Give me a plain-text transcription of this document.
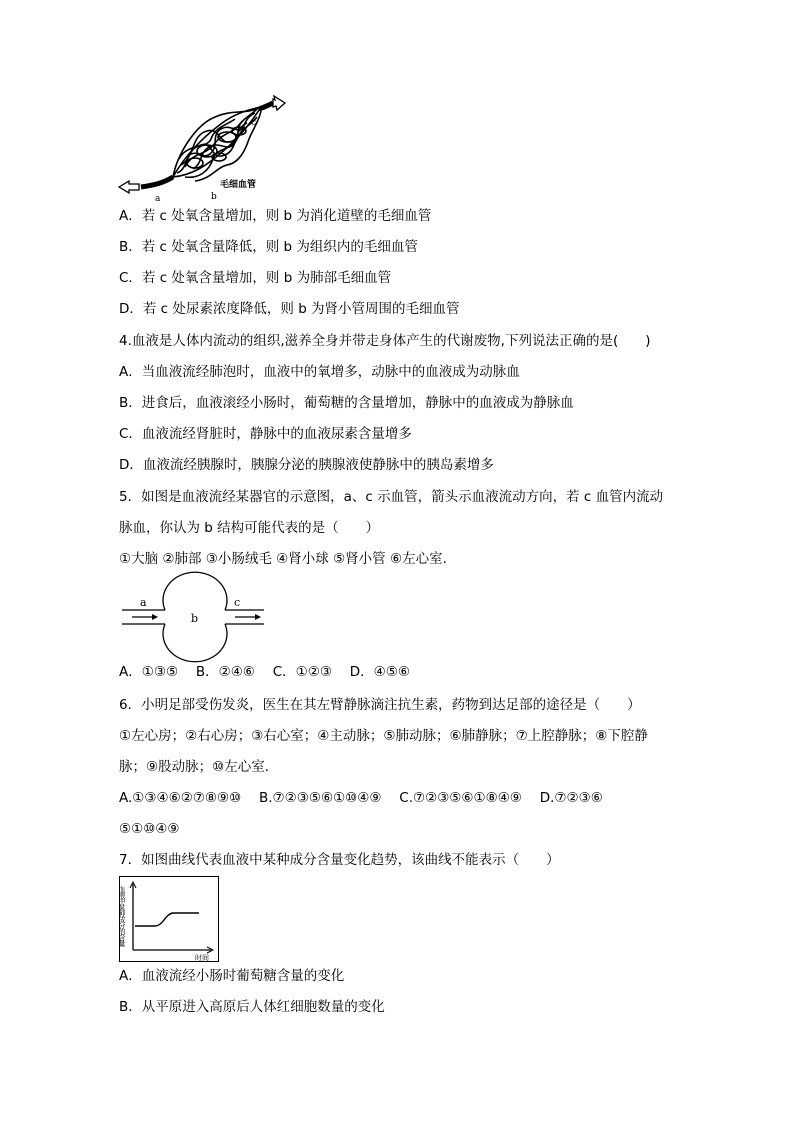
a	b
c
毛细血管
A．若 c 处氧含量增加，则 b 为消化道壁的毛细血管
B．若 c 处氧含量降低，则 b 为组织内的毛细血管
C．若 c 处氧含量增加，则 b 为肺部毛细血管
D．若 c 处尿素浓度降低，则 b 为肾小管周围的毛细血管
4.血液是人体内流动的组织,滋养全身并带走身体产生的代谢废物,下列说法正确的是(　　)
A．当血液流经肺泡时，血液中的氧增多，动脉中的血液成为动脉血
B．进食后，血液滚经小肠时，葡萄糖的含量增加，静脉中的血液成为静脉血
C．血液流经肾脏时，静脉中的血液尿素含量增多
D．血液流经胰腺时，胰腺分泌的胰腺液使静脉中的胰岛素增多
5．如图是血液流经某器官的示意图，a、c 示血管，箭头示血液流动方向，若 c 血管内流动
脉血，你认为 b 结构可能代表的是（　　）
①大脑 ②肺部 ③小肠绒毛 ④肾小球 ⑤肾小管 ⑥左心室.
a
b
c
A．①③⑤　 B．②④⑥　 C．①②③　 D．④⑤⑥
6．小明足部受伤发炎，医生在其左臂静脉滴注抗生素，药物到达足部的途径是（　　）
①左心房；②右心房；③右心室；④主动脉；⑤肺动脉；⑥肺静脉；⑦上腔静脉；⑧下腔静
脉；⑨股动脉；⑩左心室．
A.①③④⑥②⑦⑧⑨⑩　 B.⑦②③⑤⑥①⑩④⑨　 C.⑦②③⑤⑥①⑧④⑨　 D.⑦②③⑥
⑤①⑩④⑨
7．如图曲线代表血液中某种成分含量变化趋势，该曲线不能表示（　　）
血液中某种成分的含量
时间
A．血液流经小肠时葡萄糖含量的变化
B．从平原进入高原后人体红细胞数量的变化
